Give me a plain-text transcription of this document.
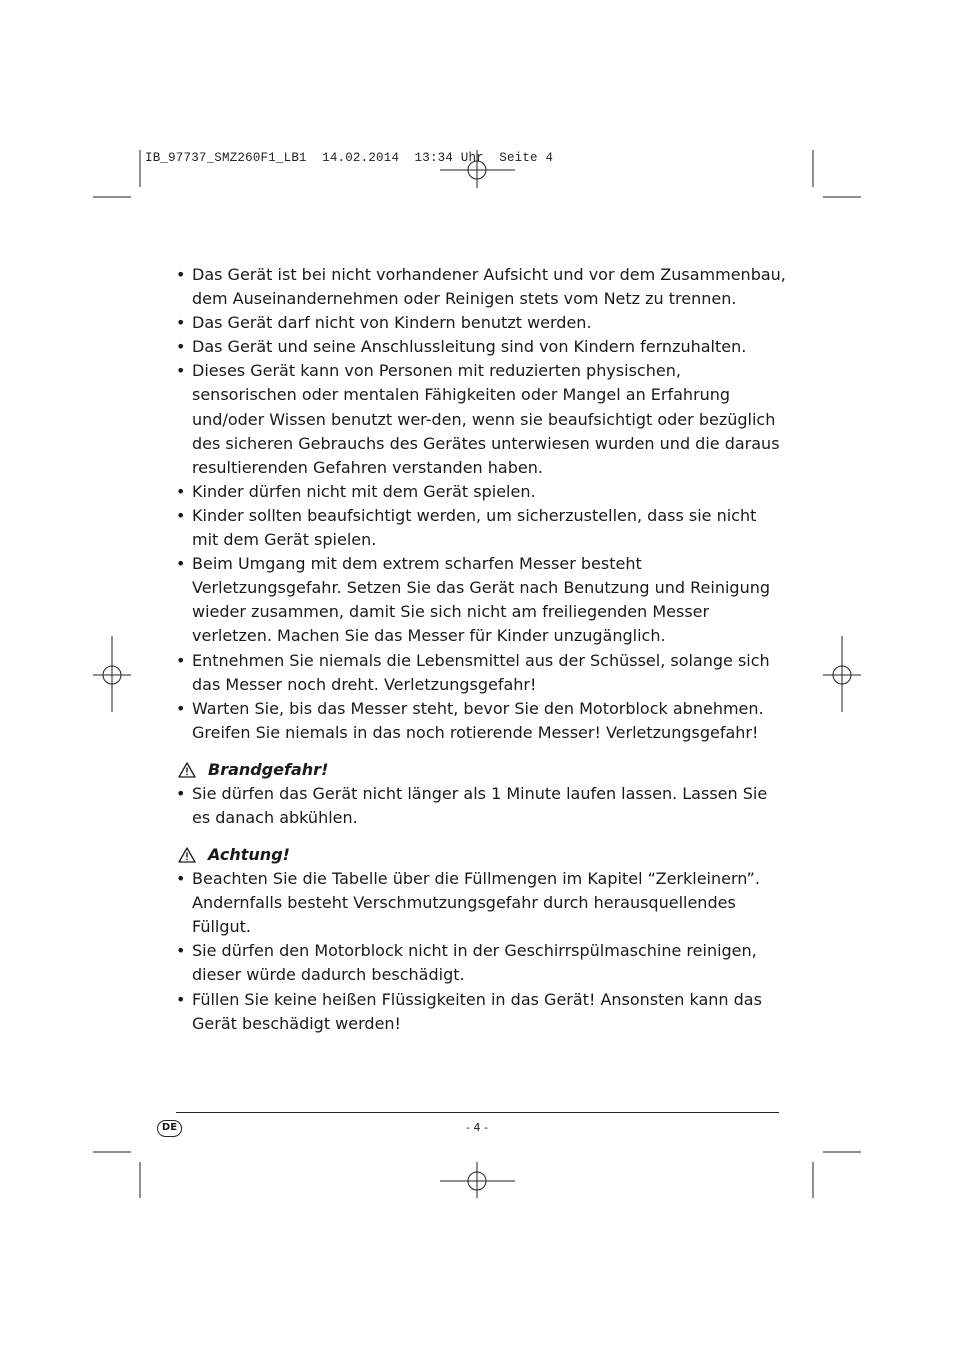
IB_97737_SMZ260F1_LB1  14.02.2014  13:34 Uhr  Seite 4
• Das Gerät ist bei nicht vorhandener Aufsicht und vor dem Zusammenbau, dem Auseinandernehmen oder Reinigen stets vom Netz zu trennen.
• Das Gerät darf nicht von Kindern benutzt werden.
• Das Gerät und seine Anschlussleitung sind von Kindern fernzuhalten.
• Dieses Gerät kann von Personen mit reduzierten physischen, sensorischen oder mentalen Fähigkeiten oder Mangel an Erfahrung und/oder Wissen benutzt wer-den, wenn sie beaufsichtigt oder bezüglich des sicheren Gebrauchs des Gerätes unterwiesen wurden und die daraus resultierenden Gefahren verstanden haben.
• Kinder dürfen nicht mit dem Gerät spielen.
• Kinder sollten beaufsichtigt werden, um sicherzustellen, dass sie nicht mit dem Gerät spielen.
• Beim Umgang mit dem extrem scharfen Messer besteht Verletzungsgefahr. Setzen Sie das Gerät nach Benutzung und Reinigung wieder zusammen, damit Sie sich nicht am freiliegenden Messer verletzen. Machen Sie das Messer für Kinder unzugänglich.
• Entnehmen Sie niemals die Lebensmittel aus der Schüssel, solange sich das Messer noch dreht. Verletzungsgefahr!
• Warten Sie, bis das Messer steht, bevor Sie den Motorblock abnehmen. Greifen Sie niemals in das noch rotierende Messer! Verletzungsgefahr!
Brandgefahr!
• Sie dürfen das Gerät nicht länger als 1 Minute laufen lassen. Lassen Sie es danach abkühlen.
Achtung!
• Beachten Sie die Tabelle über die Füllmengen im Kapitel “Zerkleinern”. Andernfalls besteht Verschmutzungsgefahr durch herausquellendes Füllgut.
• Sie dürfen den Motorblock nicht in der Geschirrspülmaschine reinigen, dieser würde dadurch beschädigt.
• Füllen Sie keine heißen Flüssigkeiten in das Gerät! Ansonsten kann das Gerät beschädigt werden!
DE	- 4 -
